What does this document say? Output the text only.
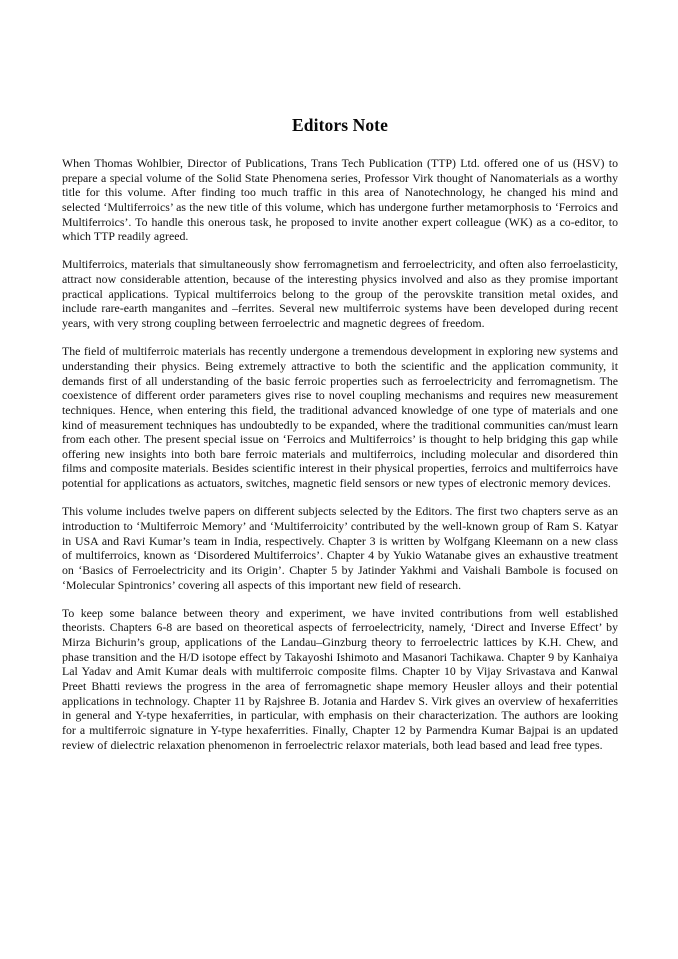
Editors Note

When Thomas Wohlbier, Director of Publications, Trans Tech Publication (TTP) Ltd. offered one of us (HSV) to prepare a special volume of the Solid State Phenomena series, Professor Virk thought of Nanomaterials as a worthy title for this volume. After finding too much traffic in this area of Nanotechnology, he changed his mind and selected ‘Multiferroics’ as the new title of this volume, which has undergone further metamorphosis to ‘Ferroics and Multiferroics’. To handle this onerous task, he proposed to invite another expert colleague (WK) as a co-editor, to which TTP readily agreed.

Multiferroics, materials that simultaneously show ferromagnetism and ferroelectricity, and often also ferroelasticity, attract now considerable attention, because of the interesting physics involved and also as they promise important practical applications. Typical multiferroics belong to the group of the perovskite transition metal oxides, and include rare-earth manganites and –ferrites. Several new multiferroic systems have been developed during recent years, with very strong coupling between ferroelectric and magnetic degrees of freedom.

The field of multiferroic materials has recently undergone a tremendous development in exploring new systems and understanding their physics. Being extremely attractive to both the scientific and the application community, it demands first of all understanding of the basic ferroic properties such as ferroelectricity and ferromagnetism. The coexistence of different order parameters gives rise to novel coupling mechanisms and requires new measurement techniques. Hence, when entering this field, the traditional advanced knowledge of one type of materials and one kind of measurement techniques has undoubtedly to be expanded, where the traditional communities can/must learn from each other. The present special issue on ‘Ferroics and Multiferroics’ is thought to help bridging this gap while offering new insights into both bare ferroic materials and multiferroics, including molecular and disordered thin films and composite materials. Besides scientific interest in their physical properties, ferroics and multiferroics have potential for applications as actuators, switches, magnetic field sensors or new types of electronic memory devices.

This volume includes twelve papers on different subjects selected by the Editors. The first two chapters serve as an introduction to ‘Multiferroic Memory’ and ‘Multiferroicity’ contributed by the well-known group of Ram S. Katyar in USA and Ravi Kumar’s team in India, respectively. Chapter 3 is written by Wolfgang Kleemann on a new class of multiferroics, known as ‘Disordered Multiferroics’. Chapter 4 by Yukio Watanabe gives an exhaustive treatment on ‘Basics of Ferroelectricity and its Origin’. Chapter 5 by Jatinder Yakhmi and Vaishali Bambole is focused on ‘Molecular Spintronics’ covering all aspects of this important new field of research.

To keep some balance between theory and experiment, we have invited contributions from well established theorists. Chapters 6-8 are based on theoretical aspects of ferroelectricity, namely, ‘Direct and Inverse Effect’ by Mirza Bichurin’s group, applications of the Landau–Ginzburg theory to ferroelectric lattices by K.H. Chew, and phase transition and the H/D isotope effect by Takayoshi Ishimoto and Masanori Tachikawa. Chapter 9 by Kanhaiya Lal Yadav and Amit Kumar deals with multiferroic composite films. Chapter 10 by Vijay Srivastava and Kanwal Preet Bhatti reviews the progress in the area of ferromagnetic shape memory Heusler alloys and their potential applications in technology. Chapter 11 by Rajshree B. Jotania and Hardev S. Virk gives an overview of hexaferrities in general and Y-type hexaferrities, in particular, with emphasis on their characterization. The authors are looking for a multiferroic signature in Y-type hexaferrities. Finally, Chapter 12 by Parmendra Kumar Bajpai is an updated review of dielectric relaxation phenomenon in ferroelectric relaxor materials, both lead based and lead free types.
